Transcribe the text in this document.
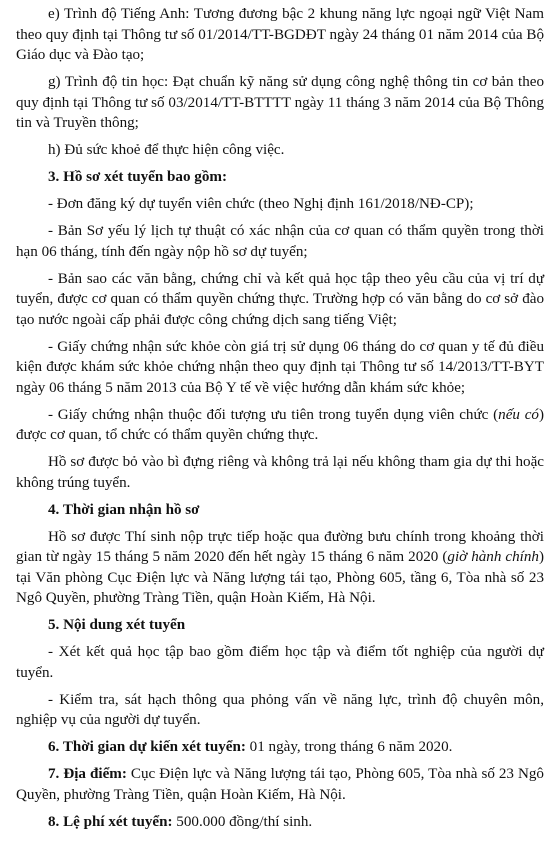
e) Trình độ Tiếng Anh: Tương đương bậc 2 khung năng lực ngoại ngữ Việt Nam theo quy định tại Thông tư số 01/2014/TT-BGDĐT ngày 24 tháng 01 năm 2014 của Bộ Giáo dục và Đào tạo;

g) Trình độ tin học: Đạt chuẩn kỹ năng sử dụng công nghệ thông tin cơ bản theo quy định tại Thông tư số 03/2014/TT-BTTTT ngày 11 tháng 3 năm 2014 của Bộ Thông tin và Truyền thông;

h) Đủ sức khoẻ để thực hiện công việc.

3. Hồ sơ xét tuyển bao gồm:

- Đơn đăng ký dự tuyển viên chức (theo Nghị định 161/2018/NĐ-CP);

- Bản Sơ yếu lý lịch tự thuật có xác nhận của cơ quan có thẩm quyền trong thời hạn 06 tháng, tính đến ngày nộp hồ sơ dự tuyển;

- Bản sao các văn bằng, chứng chỉ và kết quả học tập theo yêu cầu của vị trí dự tuyển, được cơ quan có thẩm quyền chứng thực. Trường hợp có văn bằng do cơ sở đào tạo nước ngoài cấp phải được công chứng dịch sang tiếng Việt;

- Giấy chứng nhận sức khỏe còn giá trị sử dụng 06 tháng do cơ quan y tế đủ điều kiện được khám sức khỏe chứng nhận theo quy định tại Thông tư số 14/2013/TT-BYT ngày 06 tháng 5 năm 2013 của Bộ Y tế về việc hướng dẫn khám sức khỏe;

- Giấy chứng nhận thuộc đối tượng ưu tiên trong tuyển dụng viên chức (nếu có) được cơ quan, tổ chức có thẩm quyền chứng thực.

Hồ sơ được bỏ vào bì đựng riêng và không trả lại nếu không tham gia dự thi hoặc không trúng tuyển.

4. Thời gian nhận hồ sơ

Hồ sơ được Thí sinh nộp trực tiếp hoặc qua đường bưu chính trong khoảng thời gian từ ngày 15 tháng 5 năm 2020 đến hết ngày 15 tháng 6 năm 2020 (giờ hành chính) tại Văn phòng Cục Điện lực và Năng lượng tái tạo, Phòng 605, tầng 6, Tòa nhà số 23 Ngô Quyền, phường Tràng Tiền, quận Hoàn Kiếm, Hà Nội.

5. Nội dung xét tuyển

- Xét kết quả học tập bao gồm điểm học tập và điểm tốt nghiệp của người dự tuyển.

- Kiểm tra, sát hạch thông qua phỏng vấn về năng lực, trình độ chuyên môn, nghiệp vụ của người dự tuyển.

6. Thời gian dự kiến xét tuyển: 01 ngày, trong tháng 6 năm 2020.

7. Địa điểm: Cục Điện lực và Năng lượng tái tạo, Phòng 605, Tòa nhà số 23 Ngô Quyền, phường Tràng Tiền, quận Hoàn Kiếm, Hà Nội.

8. Lệ phí xét tuyển: 500.000 đồng/thí sinh.
